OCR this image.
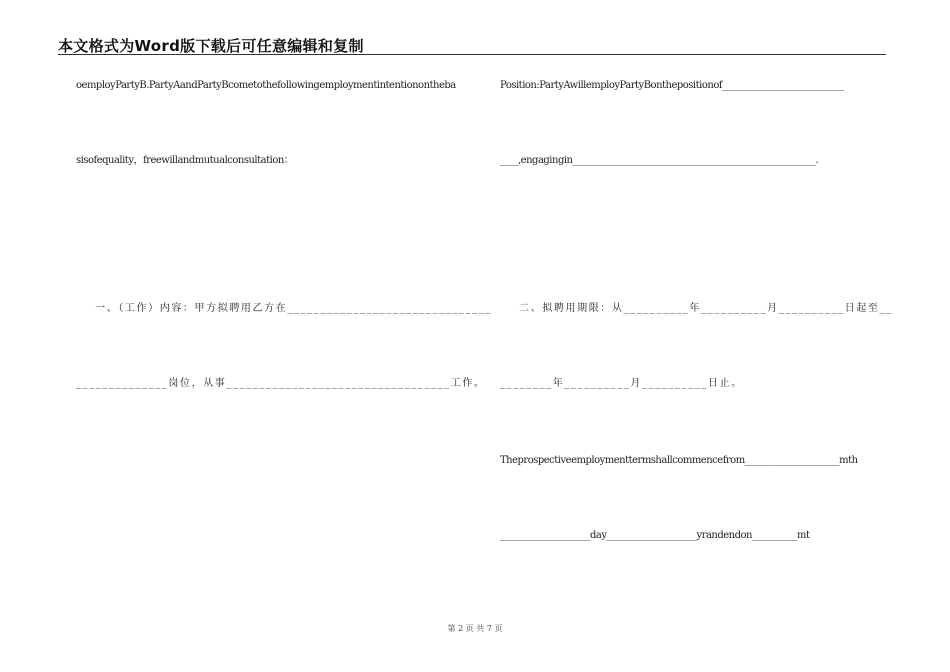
本文格式为Word版下载后可任意编辑和复制
oemployPartyB.PartyAandPartyBcometothefollowingemploymentintentionontheba
sisofequality，freewillandmutualconsultation：
一、（工作）内容：甲方拟聘用乙方在_______________________________
______________岗位，从事__________________________________工作。
Position:PartyAwillemployPartyBonthepositionof___________________________
____,engagingin______________________________________________________.
二、拟聘用期限：从__________年__________月__________日起至__
________年__________月__________日止。
Theprospectiveemploymenttermshallcommencefrom_____________________mth
____________________day____________________yrandendon__________mt
第 2 页 共 7 页
